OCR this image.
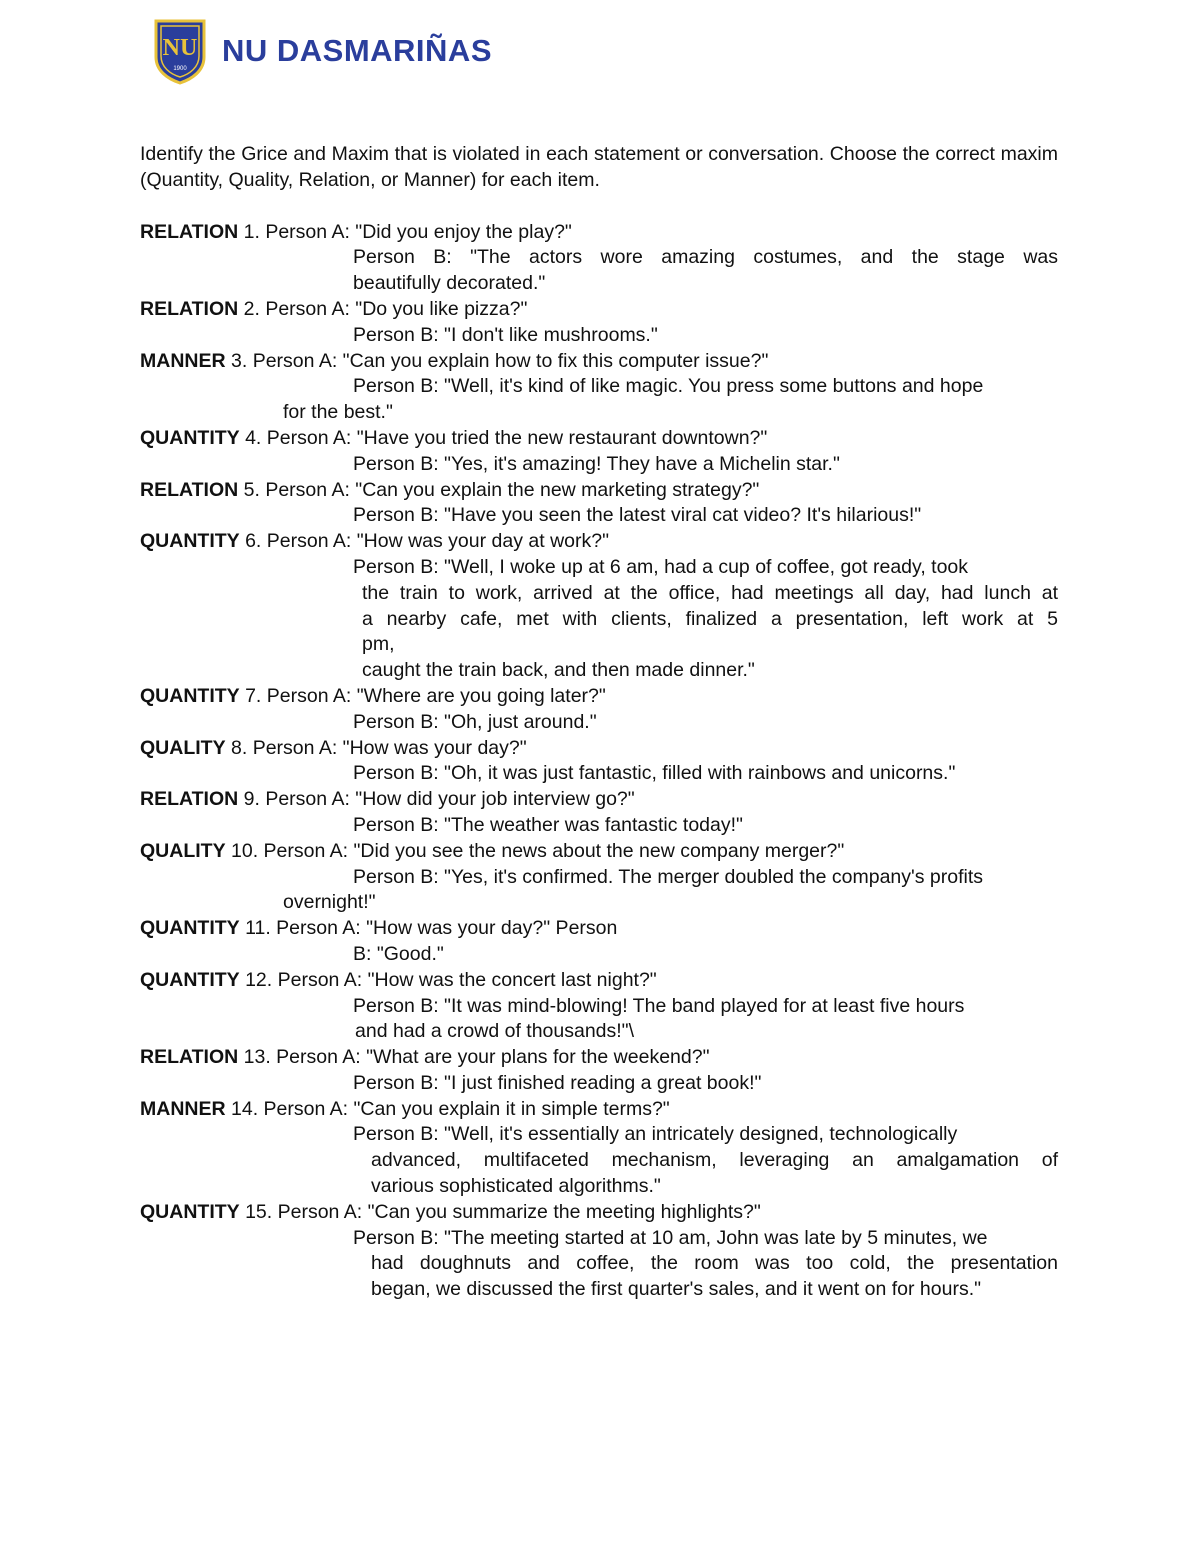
NU
1900
NU DASMARIÑAS

Identify the Grice and Maxim that is violated in each statement or conversation. Choose the correct maxim (Quantity, Quality, Relation, or Manner) for each item.

RELATION 1. Person A: "Did you enjoy the play?"
Person B: "The actors wore amazing costumes, and the stage was
beautifully decorated."
RELATION 2. Person A: "Do you like pizza?"
Person B: "I don't like mushrooms."
MANNER 3. Person A: "Can you explain how to fix this computer issue?"
Person B: "Well, it's kind of like magic. You press some buttons and hope
for the best."
QUANTITY 4. Person A: "Have you tried the new restaurant downtown?"
Person B: "Yes, it's amazing! They have a Michelin star."
RELATION 5. Person A: "Can you explain the new marketing strategy?"
Person B: "Have you seen the latest viral cat video? It's hilarious!"
QUANTITY 6. Person A: "How was your day at work?"
Person B: "Well, I woke up at 6 am, had a cup of coffee, got ready, took
the train to work, arrived at the office, had meetings all day, had lunch at
a nearby cafe, met with clients, finalized a presentation, left work at 5
pm,
caught the train back, and then made dinner."
QUANTITY 7. Person A: "Where are you going later?"
Person B: "Oh, just around."
QUALITY 8. Person A: "How was your day?"
Person B: "Oh, it was just fantastic, filled with rainbows and unicorns."
RELATION 9. Person A: "How did your job interview go?"
Person B: "The weather was fantastic today!"
QUALITY 10. Person A: "Did you see the news about the new company merger?"
Person B: "Yes, it's confirmed. The merger doubled the company's profits
overnight!"
QUANTITY 11. Person A: "How was your day?" Person
B: "Good."
QUANTITY 12. Person A: "How was the concert last night?"
Person B: "It was mind-blowing! The band played for at least five hours
and had a crowd of thousands!"\
RELATION 13. Person A: "What are your plans for the weekend?"
Person B: "I just finished reading a great book!"
MANNER 14. Person A: "Can you explain it in simple terms?"
Person B: "Well, it's essentially an intricately designed, technologically
advanced, multifaceted mechanism, leveraging an amalgamation of
various sophisticated algorithms."
QUANTITY 15. Person A: "Can you summarize the meeting highlights?"
Person B: "The meeting started at 10 am, John was late by 5 minutes, we
had doughnuts and coffee, the room was too cold, the presentation
began, we discussed the first quarter's sales, and it went on for hours."
